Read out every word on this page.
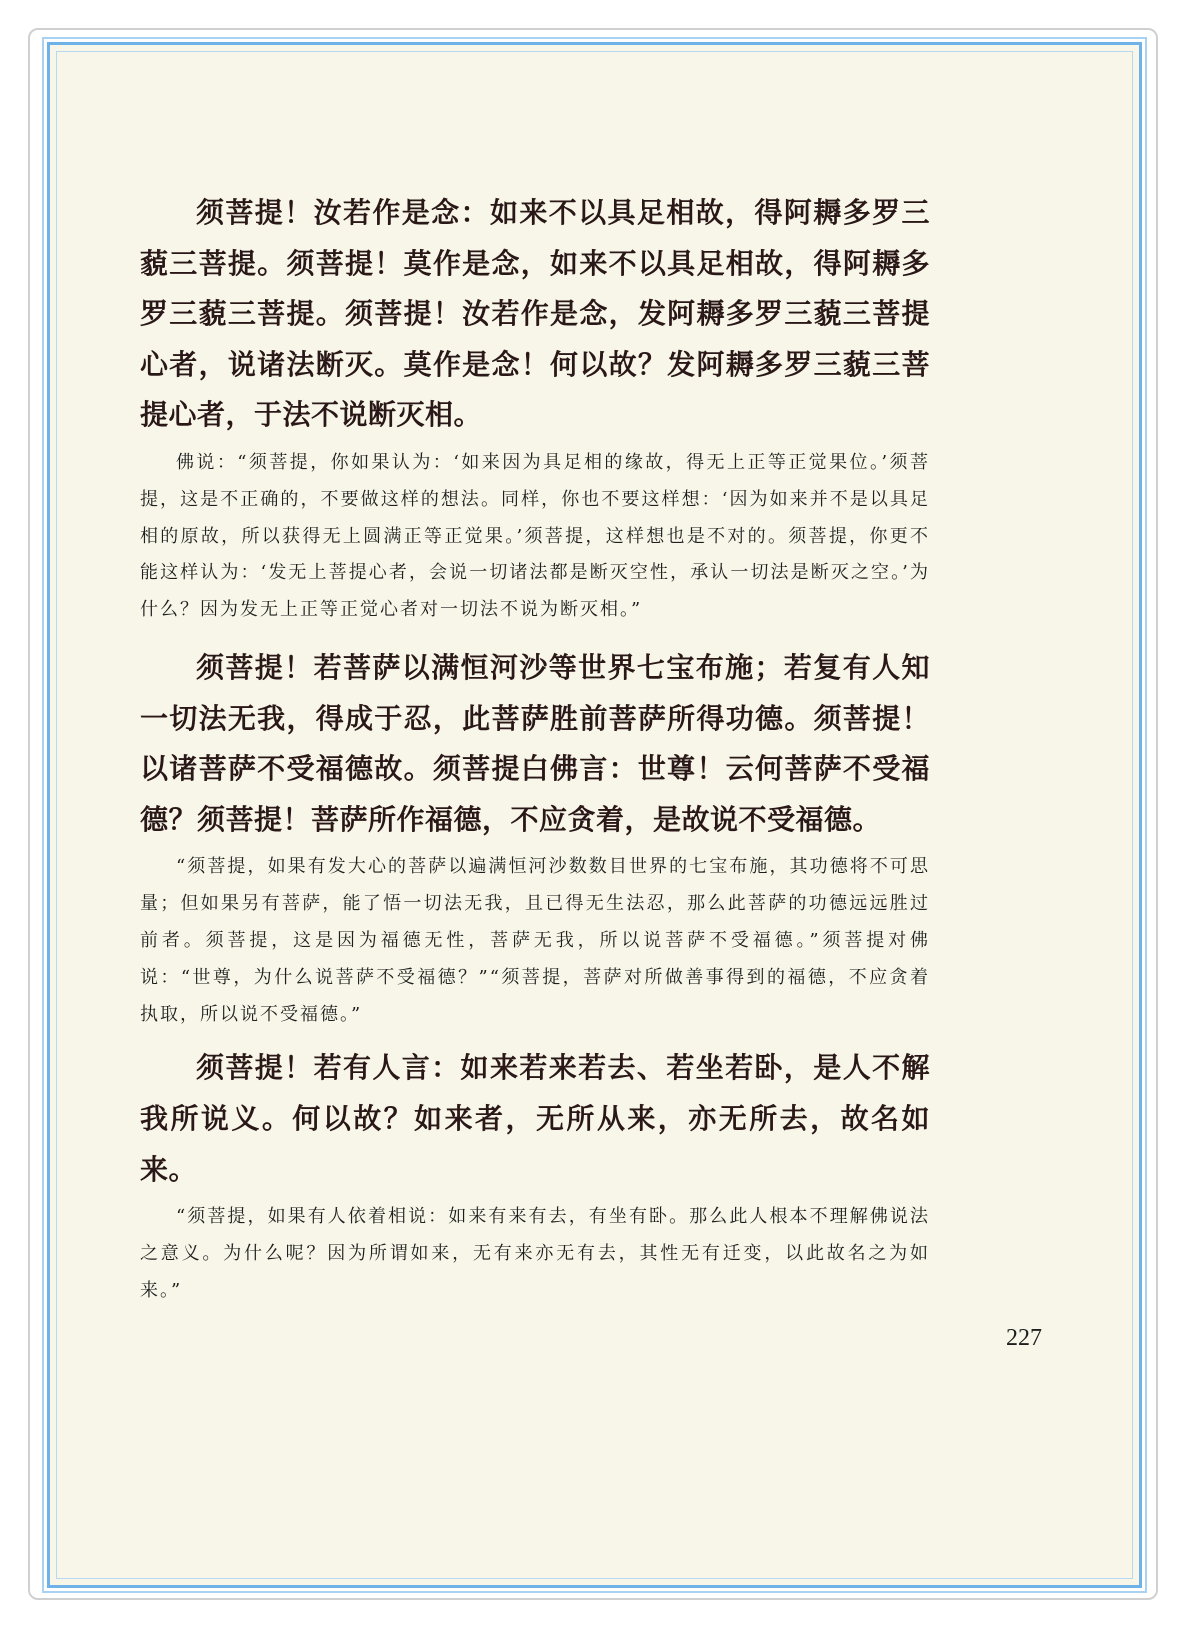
须菩提！汝若作是念：如来不以具足相故，得阿耨多罗三藐三菩提。须菩提！莫作是念，如来不以具足相故，得阿耨多罗三藐三菩提。须菩提！汝若作是念，发阿耨多罗三藐三菩提心者，说诸法断灭。莫作是念！何以故？发阿耨多罗三藐三菩提心者，于法不说断灭相。

佛说：“须菩提，你如果认为：‘如来因为具足相的缘故，得无上正等正觉果位。’须菩提，这是不正确的，不要做这样的想法。同样，你也不要这样想：‘因为如来并不是以具足相的原故，所以获得无上圆满正等正觉果。’须菩提，这样想也是不对的。须菩提，你更不能这样认为：‘发无上菩提心者，会说一切诸法都是断灭空性，承认一切法是断灭之空。’为什么？因为发无上正等正觉心者对一切法不说为断灭相。”

须菩提！若菩萨以满恒河沙等世界七宝布施；若复有人知一切法无我，得成于忍，此菩萨胜前菩萨所得功德。须菩提！以诸菩萨不受福德故。须菩提白佛言：世尊！云何菩萨不受福德？须菩提！菩萨所作福德，不应贪着，是故说不受福德。

“须菩提，如果有发大心的菩萨以遍满恒河沙数数目世界的七宝布施，其功德将不可思量；但如果另有菩萨，能了悟一切法无我，且已得无生法忍，那么此菩萨的功德远远胜过前者。须菩提，这是因为福德无性，菩萨无我，所以说菩萨不受福德。”须菩提对佛说：“世尊，为什么说菩萨不受福德？”“须菩提，菩萨对所做善事得到的福德，不应贪着执取，所以说不受福德。”

须菩提！若有人言：如来若来若去、若坐若卧，是人不解我所说义。何以故？如来者，无所从来，亦无所去，故名如来。

“须菩提，如果有人依着相说：如来有来有去，有坐有卧。那么此人根本不理解佛说法之意义。为什么呢？因为所谓如来，无有来亦无有去，其性无有迁变，以此故名之为如来。”

227
